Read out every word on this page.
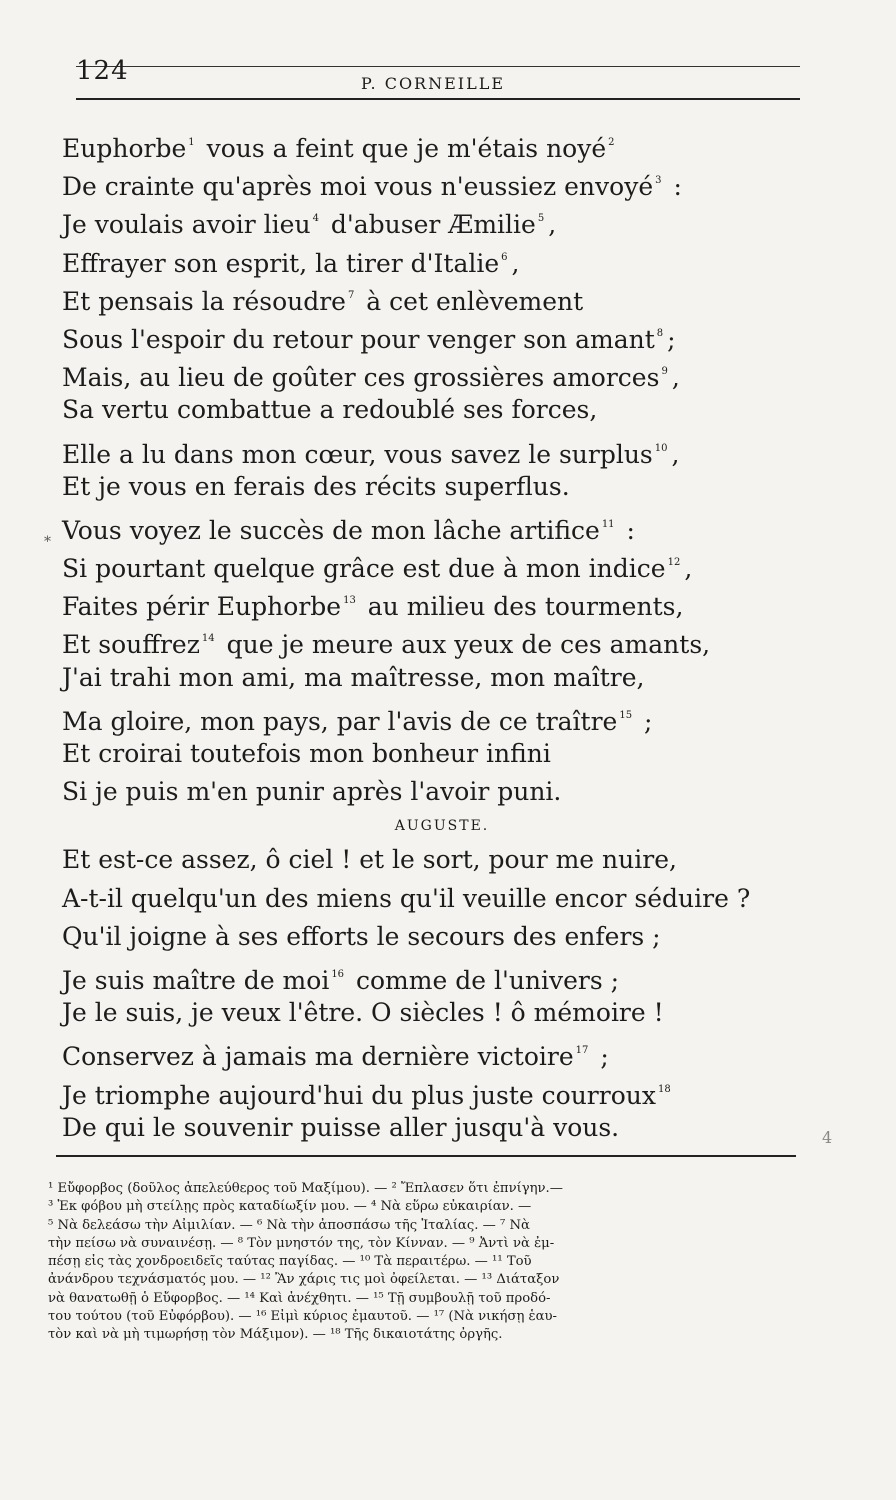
124	P. CORNEILLE
*
4
Euphorbe $^1$ vous a feint que je m'étais noyé $^2$
De crainte qu'après moi vous n'eussiez envoyé $^3$ :
Je voulais avoir lieu $^4$ d'abuser Æmilie $^5$ ,
Effrayer son esprit, la tirer d'Italie $^6$ ,
Et pensais la résoudre $^7$ à cet enlèvement
Sous l'espoir du retour pour venger son amant $^8$ ;
Mais, au lieu de goûter ces grossières amorces $^9$ ,
Sa vertu combattue a redoublé ses forces,
Elle a lu dans mon cœur, vous savez le surplus $^{10}$ ,
Et je vous en ferais des récits superflus.
Vous voyez le succès de mon lâche artifice $^{11}$ :
Si pourtant quelque grâce est due à mon indice $^{12}$ ,
Faites périr Euphorbe $^{13}$ au milieu des tourments,
Et souffrez $^{14}$ que je meure aux yeux de ces amants,
J'ai trahi mon ami, ma maîtresse, mon maître,
Ma gloire, mon pays, par l'avis de ce traître $^{15}$ ;
Et croirai toutefois mon bonheur infini
Si je puis m'en punir après l'avoir puni.
AUGUSTE.
Et est-ce assez, ô ciel ! et le sort, pour me nuire,
A-t-il quelqu'un des miens qu'il veuille encor séduire ?
Qu'il joigne à ses efforts le secours des enfers ;
Je suis maître de moi $^{16}$ comme de l'univers ;
Je le suis, je veux l'être. O siècles ! ô mémoire !
Conservez à jamais ma dernière victoire $^{17}$ ;
Je triomphe aujourd'hui du plus juste courroux $^{18}$
De qui le souvenir puisse aller jusqu'à vous.
¹ Εὔφορβος (δοῦλος ἀπελεύθερος τοῦ Μαξίμου). — ² Ἔπλασεν ὅτι ἐπνίγην.—
³ Ἐκ φόβου μὴ στείλῃς πρὸς καταδίωξίν μου. — ⁴ Νὰ εὕρω εὐκαιρίαν. —
⁵ Νὰ δελεάσω τὴν Αἰμιλίαν. — ⁶ Νὰ τὴν ἀποσπάσω τῆς Ἰταλίας. — ⁷ Νὰ
τὴν πείσω νὰ συναινέσῃ. — ⁸ Τὸν μνηστόν της, τὸν Κίνναν. — ⁹ Ἀντὶ νὰ ἐμ-
πέσῃ εἰς τὰς χονδροειδεῖς ταύτας παγίδας. — ¹⁰ Τὰ περαιτέρω. — ¹¹ Τοῦ
ἀνάνδρου τεχνάσματός μου. — ¹² Ἂν χάρις τις μοὶ ὀφείλεται. — ¹³ Διάταξον
νὰ θανατωθῇ ὁ Εὔφορβος. — ¹⁴ Καὶ ἀνέχθητι. — ¹⁵ Τῇ συμβουλῇ τοῦ προδό-
του τούτου (τοῦ Εὐφόρβου). — ¹⁶ Εἰμὶ κύριος ἐμαυτοῦ. — ¹⁷ (Νὰ νικήσῃ ἑαυ-
τὸν καὶ νὰ μὴ τιμωρήσῃ τὸν Μάξιμον). — ¹⁸ Τῆς δικαιοτάτης ὀργῆς.
